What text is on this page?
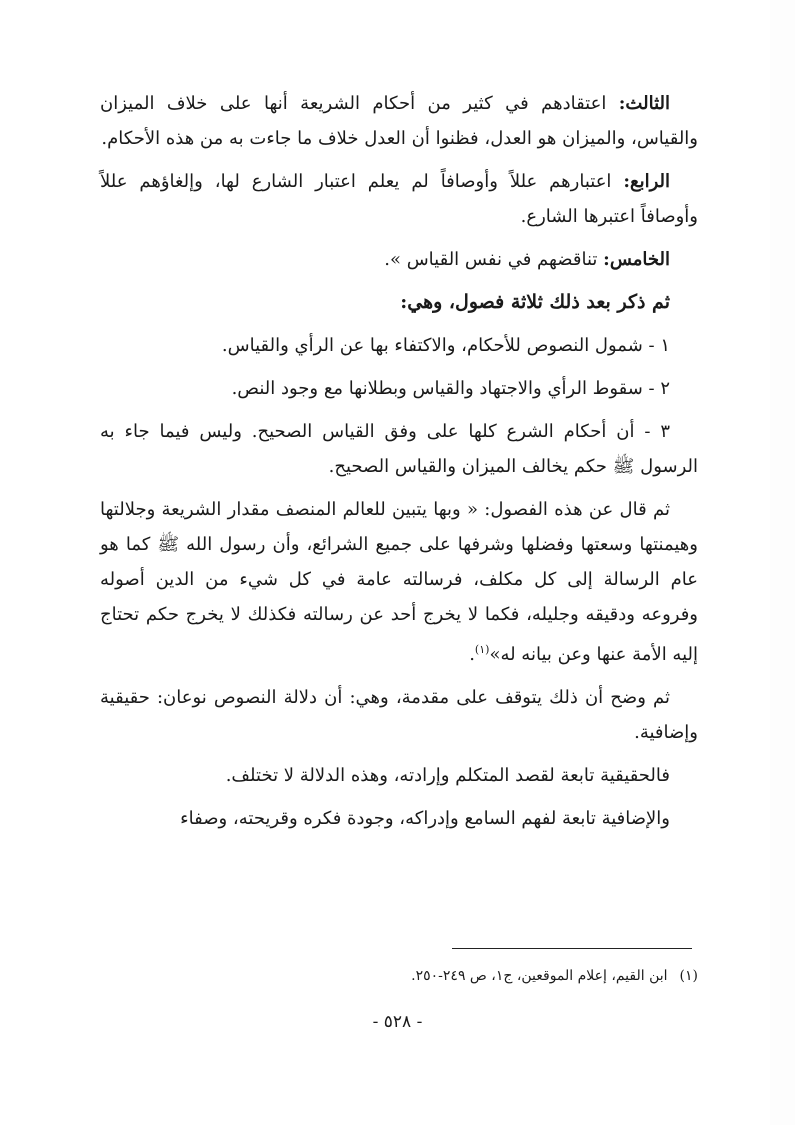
الثالث: اعتقادهم في كثير من أحكام الشريعة أنها على خلاف الميزان والقياس، والميزان هو العدل، فظنوا أن العدل خلاف ما جاءت به من هذه الأحكام.

الرابع: اعتبارهم عللاً وأوصافاً لم يعلم اعتبار الشارع لها، وإلغاؤهم عللاً وأوصافاً اعتبرها الشارع.

الخامس: تناقضهم في نفس القياس ».

ثم ذكر بعد ذلك ثلاثة فصول، وهي:

١ - شمول النصوص للأحكام، والاكتفاء بها عن الرأي والقياس.

٢ - سقوط الرأي والاجتهاد والقياس وبطلانها مع وجود النص.

٣ - أن أحكام الشرع كلها على وفق القياس الصحيح. وليس فيما جاء به الرسول ﷺ حكم يخالف الميزان والقياس الصحيح.

ثم قال عن هذه الفصول: « وبها يتبين للعالم المنصف مقدار الشريعة وجلالتها وهيمنتها وسعتها وفضلها وشرفها على جميع الشرائع، وأن رسول الله ﷺ كما هو عام الرسالة إلى كل مكلف، فرسالته عامة في كل شيء من الدين أصوله وفروعه ودقيقه وجليله، فكما لا يخرج أحد عن رسالته فكذلك لا يخرج حكم تحتاج إليه الأمة عنها وعن بيانه له»$^{(١)}$.

ثم وضح أن ذلك يتوقف على مقدمة، وهي: أن دلالة النصوص نوعان: حقيقية وإضافية.

فالحقيقية تابعة لقصد المتكلم وإرادته، وهذه الدلالة لا تختلف.

والإضافية تابعة لفهم السامع وإدراكه، وجودة فكره وقريحته، وصفاء

(١)ابن القيم، إعلام الموقعين، ج١، ص ٢٤٩-٢٥٠.
- ٥٢٨ -
